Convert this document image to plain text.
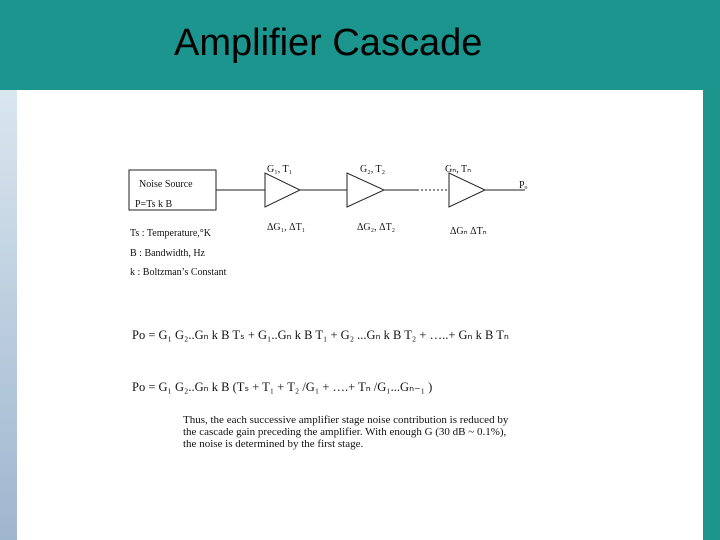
Amplifier Cascade
Noise Source
P=Ts k B
G₁, T₁
ΔG₁, ΔT₁
G₂, T₂
ΔG₂, ΔT₂
Gₙ, Tₙ
ΔGₙ ΔTₙ
Pₒ
Ts : Temperature,°K
B : Bandwidth, Hz
k : Boltzman’s Constant
Po = G₁ G₂..Gₙ k B Tₛ + G₁..Gₙ k B T₁ + G₂ ...Gₙ k B T₂ + …..+ Gₙ k B Tₙ
Po = G₁ G₂..Gₙ k B (Tₛ + T₁ + T₂ /G₁ + ….+ Tₙ /G₁...Gₙ₋₁ )
Thus, the each successive amplifier stage noise contribution is reduced by
the cascade gain preceding the amplifier. With enough G (30 dB ~ 0.1%),
the noise is determined by the first stage.
